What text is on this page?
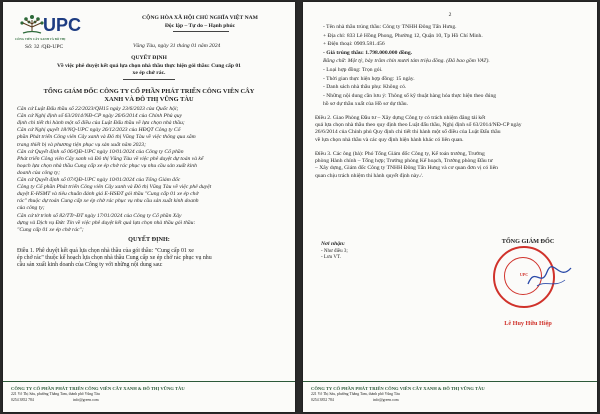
UPC
CÔNG VIÊN CÂY XANH VÀ ĐÔ THỊ
Số: 32 /QĐ-UPC
CỘNG HÒA XÃ HỘI CHỦ NGHĨA VIỆT NAM
Độc lập – Tự do – Hạnh phúc
Vũng Tàu, ngày 31 tháng 01 năm 2024
QUYẾT ĐỊNH
Về việc phê duyệt kết quả lựa chọn nhà thầu thực hiện gói thầu: Cung cấp 01
xe ép chở rác.
TỔNG GIÁM ĐỐC CÔNG TY CỔ PHẦN PHÁT TRIỂN CÔNG VIÊN CÂY
XANH VÀ ĐÔ THỊ VŨNG TÀU
Căn cứ Luật Đấu thầu số 22/2023/QH15 ngày 23/6/2023 của Quốc hội;
Căn cứ Nghị định số 63/2014/NĐ-CP ngày 26/6/2014 của Chính Phủ quy
định chi tiết thi hành một số điều của Luật Đấu thầu về lựa chọn nhà thầu;
Căn cứ Nghị quyết 18/NQ-UPC ngày 26/12/2023 của HĐQT Công ty Cổ
phần Phát triển Công viên Cây xanh và Đô thị Vũng Tàu về việc thông qua sắm
trang thiết bị và phương tiện phục vụ sản xuất năm 2023;
Căn cứ Quyết định số 06/QĐ-UPC ngày 10/01/2024 của Công ty Cổ phần
Phát triển Công viên Cây xanh và Đô thị Vũng Tàu về việc phê duyệt dự toán và kế
hoạch lựa chọn nhà thầu Cung cấp xe ép chở rác phục vụ nhu cầu sản xuất kinh
doanh của công ty;
Căn cứ Quyết định số 07/QĐ-UPC ngày 10/01/2024 của Tổng Giám đốc
Công ty Cổ phần Phát triển Công viên Cây xanh và Đô thị Vũng Tàu về việc phê duyệt
duyệt E-HSMT và tiêu chuẩn đánh giá E-HSĐT gói thầu "Cung cấp 01 xe ép chở
rác" thuộc dự toán Cung cấp xe ép chở rác phục vụ nhu cầu sản xuất kinh doanh
của công ty;
Căn cứ tờ trình số 82/TTr-ĐT ngày 17/01/2024 của Công ty Cổ phần Xây
dựng và Dịch vụ Đức Tín về việc phê duyệt kết quả lựa chọn nhà thầu gói thầu:
"Cung cấp 01 xe ép chở rác";
QUYẾT ĐỊNH:
Điều 1. Phê duyệt kết quả lựa chọn nhà thầu của gói thầu: "Cung cấp 01 xe
ép chở rác" thuộc kế hoạch lựa chọn nhà thầu Cung cấp xe ép chở rác phục vụ nhu
cầu sản xuất kinh doanh của Công ty với những nội dung sau:
CÔNG TY CỔ PHẦN PHÁT TRIỂN CÔNG VIÊN CÂY XANH & ĐÔ THỊ VŨNG TÀU
221 Võ Thị Sáu, phường Thắng Tam, thành phố Vũng Tàu
0254 3852 784	info@green.com
2
- Tên nhà thầu trúng thầu: Công ty TNHH Đông Tấn Hưng.
+ Địa chỉ: 833 Lê Hồng Phong, Phường 12, Quận 10, Tp Hồ Chí Minh.
+ Điện thoại: 0909.581.456
- Giá trúng thầu: 1.798.000.000 đồng.
Bằng chữ: Một tỷ, bảy trăm chín mươi tám triệu đồng. (Đã bao gồm VAT).
- Loại hợp đồng: Trọn gói.
- Thời gian thực hiện hợp đồng: 15 ngày.
- Danh sách nhà thầu phụ: Không có.
- Những nội dung cần lưu ý: Thông số kỹ thuật hàng hóa thực hiện theo đúng
hồ sơ dự thầu xuất của Hồ sơ dự thầu.
Điều 2. Giao Phòng Đầu tư – Xây dựng Công ty có trách nhiệm đăng tải kết
quả lựa chọn nhà thầu theo quy định theo Luật đấu thầu, Nghị định số 63/2014/NĐ-CP ngày
26/6/2014 của Chính phủ Quy định chi tiết thi hành một số điều của Luật Đấu thầu
về lựa chọn nhà thầu và các quy định hiện hành khác có liên quan.
Điều 3. Các ông (bà): Phó Tổng Giám đốc Công ty, Kế toán trưởng, Trưởng
phòng Hành chính – Tổng hợp; Trưởng phòng Kế hoạch, Trưởng phòng Đầu tư
– Xây dựng, Giám đốc Công ty TNHH Đông Tấn Hưng và cơ quan đơn vị có liên
quan chịu trách nhiệm thi hành quyết định này./.
Nơi nhận:
- Như điều 3;
- Lưu VT.
TỔNG GIÁM ĐỐC
UPC
Lê Huy Hữu Hiệp
CÔNG TY CỔ PHẦN PHÁT TRIỂN CÔNG VIÊN CÂY XANH & ĐÔ THỊ VŨNG TÀU
221 Võ Thị Sáu, phường Thắng Tam, thành phố Vũng Tàu
0254 3852 784	info@green.com
